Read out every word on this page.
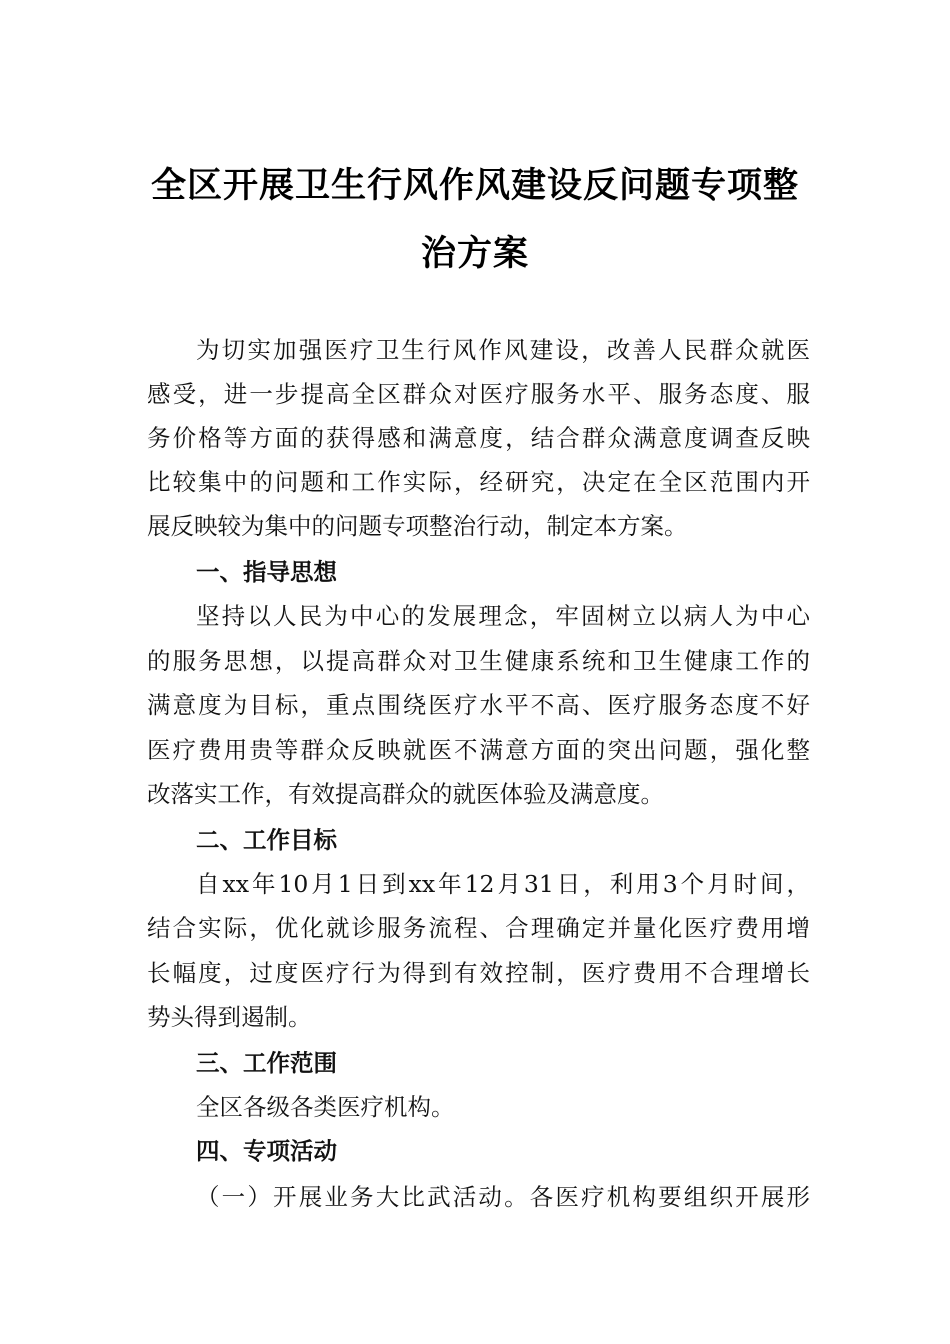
全区开展卫生行风作风建设反问题专项整
治方案
为切实加强医疗卫生行风作风建设，改善人民群众就医
感受，进一步提高全区群众对医疗服务水平、服务态度、服
务价格等方面的获得感和满意度，结合群众满意度调查反映
比较集中的问题和工作实际，经研究，决定在全区范围内开
展反映较为集中的问题专项整治行动，制定本方案。
一、指导思想
坚持以人民为中心的发展理念，牢固树立以病人为中心
的服务思想，以提高群众对卫生健康系统和卫生健康工作的
满意度为目标，重点围绕医疗水平不高、医疗服务态度不好
医疗费用贵等群众反映就医不满意方面的突出问题，强化整
改落实工作，有效提高群众的就医体验及满意度。
二、工作目标
自xx年10月1日到xx年12月31日，利用3个月时间，
结合实际，优化就诊服务流程、合理确定并量化医疗费用增
长幅度，过度医疗行为得到有效控制，医疗费用不合理增长
势头得到遏制。
三、工作范围
全区各级各类医疗机构。
四、专项活动
（一）开展业务大比武活动。各医疗机构要组织开展形
